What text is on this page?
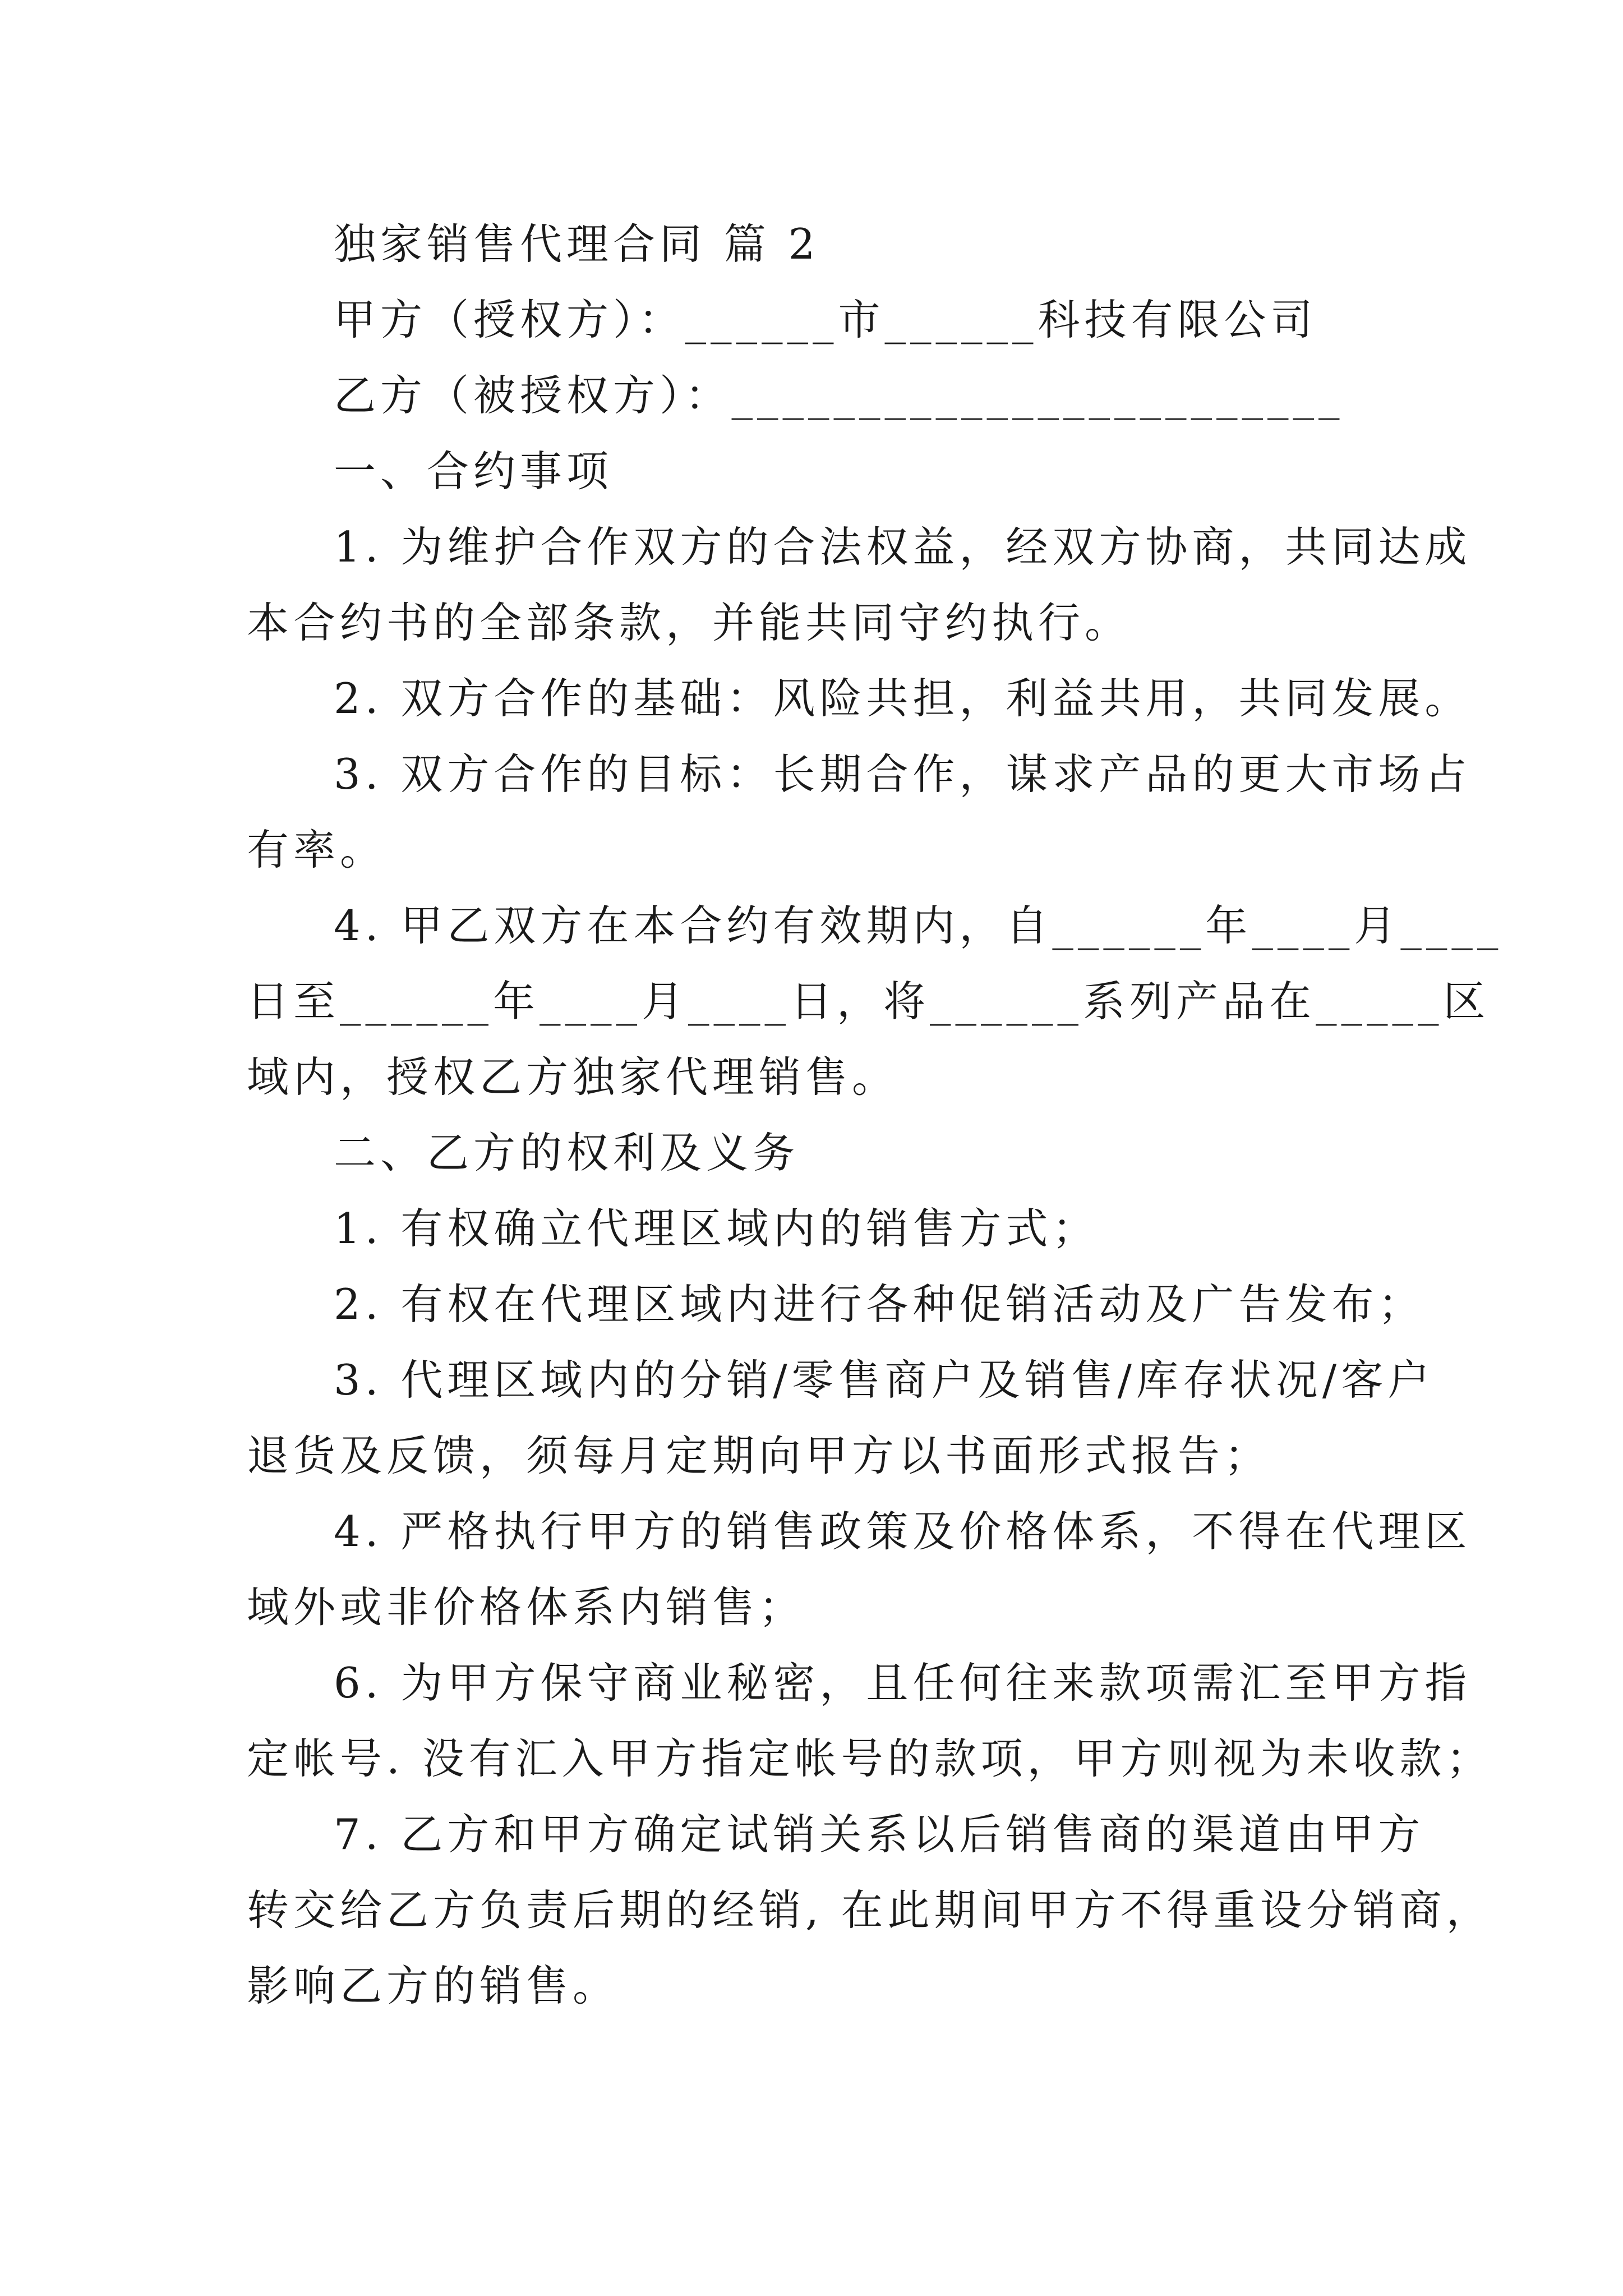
独家销售代理合同 篇 2
甲方（授权方）：______市______科技有限公司
乙方（被授权方）：________________________
一、合约事项
1. 为维护合作双方的合法权益，经双方协商，共同达成
本合约书的全部条款，并能共同守约执行。
2. 双方合作的基础：风险共担，利益共用，共同发展。
3. 双方合作的目标：长期合作，谋求产品的更大市场占
有率。
4. 甲乙双方在本合约有效期内，自______年____月____
日至______年____月____日，将______系列产品在_____区
域内，授权乙方独家代理销售。
二、乙方的权利及义务
1. 有权确立代理区域内的销售方式；
2. 有权在代理区域内进行各种促销活动及广告发布；
3. 代理区域内的分销/零售商户及销售/库存状况/客户
退货及反馈，须每月定期向甲方以书面形式报告；
4. 严格执行甲方的销售政策及价格体系，不得在代理区
域外或非价格体系内销售；
6. 为甲方保守商业秘密，且任何往来款项需汇至甲方指
定帐号. 没有汇入甲方指定帐号的款项，甲方则视为未收款；
7. 乙方和甲方确定试销关系以后销售商的渠道由甲方
转交给乙方负责后期的经销, 在此期间甲方不得重设分销商，
影响乙方的销售。
